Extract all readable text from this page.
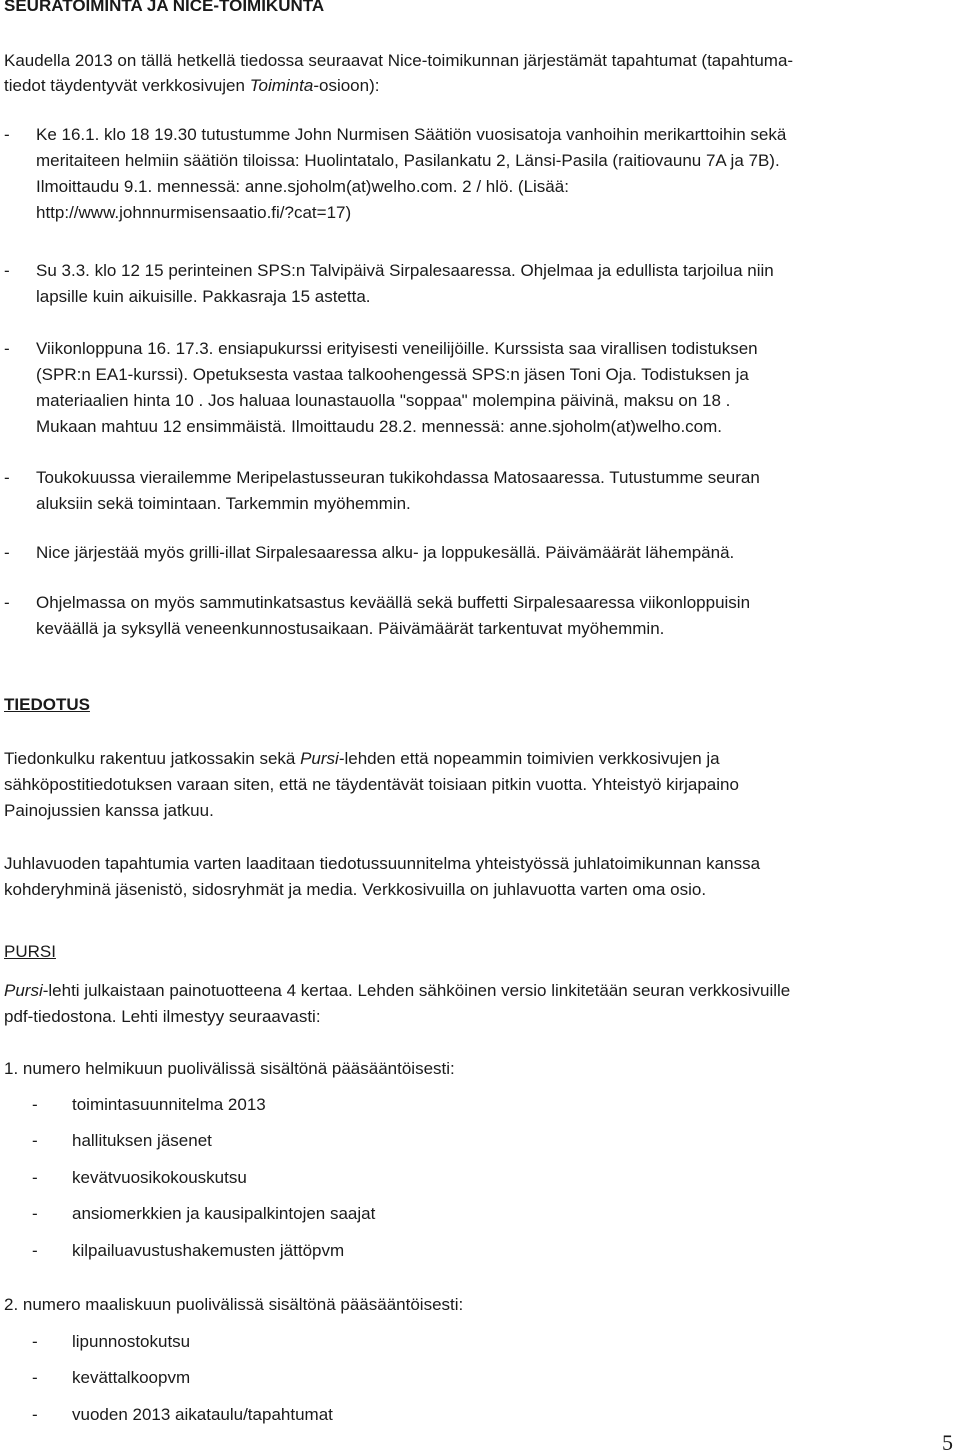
SEURATOIMINTA JA NICE-TOIMIKUNTA
Kaudella 2013 on tällä hetkellä tiedossa seuraavat Nice-toimikunnan järjestämät tapahtumat (tapahtuma-
tiedot täydentyvät verkkosivujen Toiminta-osioon):
- Ke 16.1. klo 18 19.30 tutustumme John Nurmisen Säätiön vuosisatoja vanhoihin merikarttoihin sekä
meritaiteen helmiin säätiön tiloissa: Huolintatalo, Pasilankatu 2, Länsi-Pasila (raitiovaunu 7A ja 7B).
Ilmoittaudu 9.1. mennessä: anne.sjoholm(at)welho.com. 2 / hlö. (Lisää:
http://www.johnnurmisensaatio.fi/?cat=17)
- Su 3.3. klo 12 15 perinteinen SPS:n Talvipäivä Sirpalesaaressa. Ohjelmaa ja edullista tarjoilua niin
lapsille kuin aikuisille. Pakkasraja 15 astetta.
- Viikonloppuna 16. 17.3. ensiapukurssi erityisesti veneilijöille. Kurssista saa virallisen todistuksen
(SPR:n EA1-kurssi). Opetuksesta vastaa talkoohengessä SPS:n jäsen Toni Oja. Todistuksen ja
materiaalien hinta 10 . Jos haluaa lounastauolla "soppaa" molempina päivinä, maksu on 18 .
Mukaan mahtuu 12 ensimmäistä. Ilmoittaudu 28.2. mennessä: anne.sjoholm(at)welho.com.
- Toukokuussa vierailemme Meripelastusseuran tukikohdassa Matosaaressa. Tutustumme seuran
aluksiin sekä toimintaan. Tarkemmin myöhemmin.
- Nice järjestää myös grilli-illat Sirpalesaaressa alku- ja loppukesällä. Päivämäärät lähempänä.
- Ohjelmassa on myös sammutinkatsastus keväällä sekä buffetti Sirpalesaaressa viikonloppuisin
keväällä ja syksyllä veneenkunnostusaikaan. Päivämäärät tarkentuvat myöhemmin.
TIEDOTUS
Tiedonkulku rakentuu jatkossakin sekä Pursi-lehden että nopeammin toimivien verkkosivujen ja
sähköpostitiedotuksen varaan siten, että ne täydentävät toisiaan pitkin vuotta. Yhteistyö kirjapaino
Painojussien kanssa jatkuu.
Juhlavuoden tapahtumia varten laaditaan tiedotussuunnitelma yhteistyössä juhlatoimikunnan kanssa
kohderyhminä jäsenistö, sidosryhmät ja media. Verkkosivuilla on juhlavuotta varten oma osio.
PURSI
Pursi-lehti julkaistaan painotuotteena 4 kertaa. Lehden sähköinen versio linkitetään seuran verkkosivuille
pdf-tiedostona. Lehti ilmestyy seuraavasti:
1. numero helmikuun puolivälissä sisältönä pääsääntöisesti:
- toimintasuunnitelma 2013
- hallituksen jäsenet
- kevätvuosikokouskutsu
- ansiomerkkien ja kausipalkintojen saajat
- kilpailuavustushakemusten jättöpvm
2. numero maaliskuun puolivälissä sisältönä pääsääntöisesti:
- lipunnostokutsu
- kevättalkoopvm
- vuoden 2013 aikataulu/tapahtumat
5
